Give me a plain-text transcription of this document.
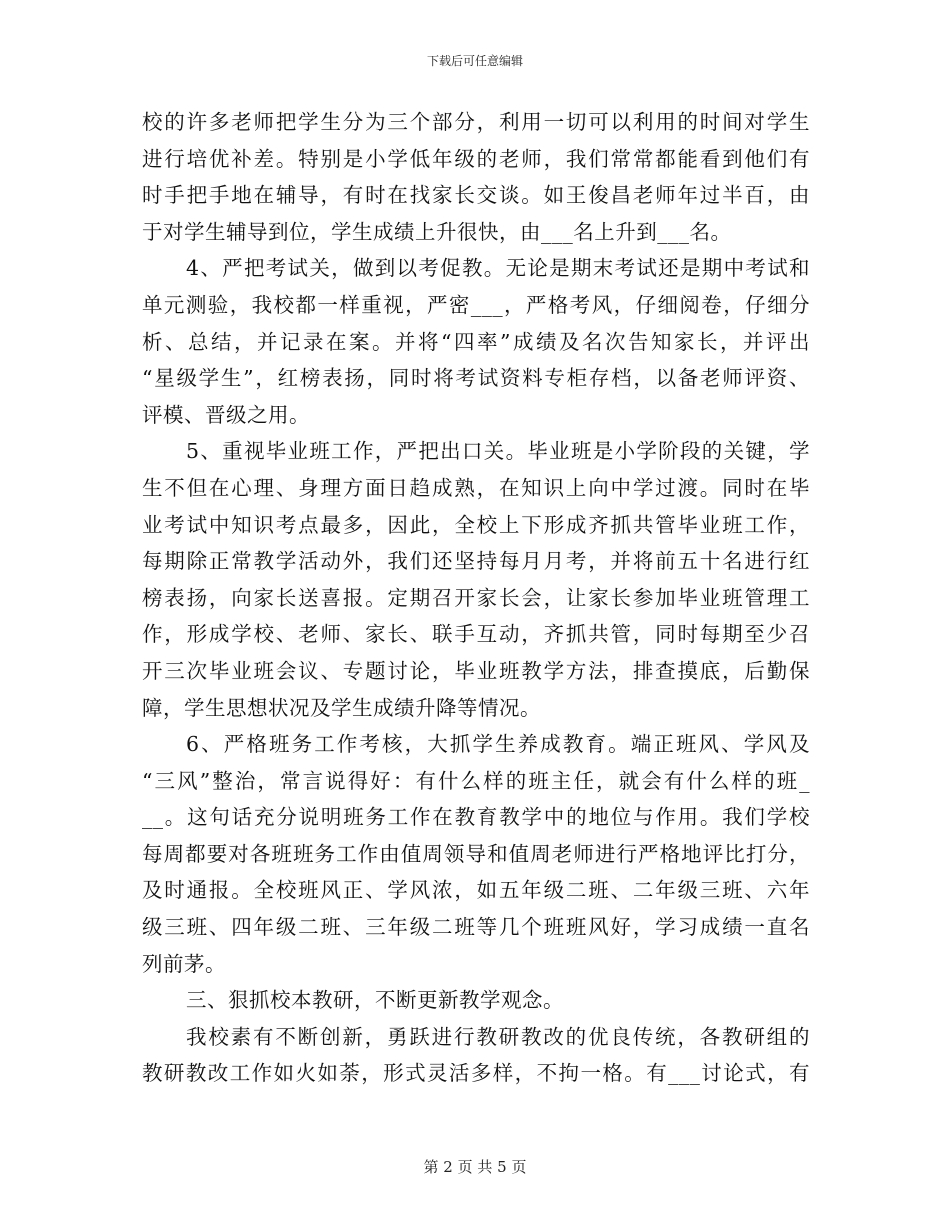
下载后可任意编辑
校的许多老师把学生分为三个部分，利用一切可以利用的时间对学生
进行培优补差。特别是小学低年级的老师，我们常常都能看到他们有
时手把手地在辅导，有时在找家长交谈。如王俊昌老师年过半百，由
于对学生辅导到位，学生成绩上升很快，由___名上升到___名。
4、严把考试关，做到以考促教。无论是期末考试还是期中考试和
单元测验，我校都一样重视，严密___，严格考风，仔细阅卷，仔细分
析、总结，并记录在案。并将“四率”成绩及名次告知家长，并评出
“星级学生”，红榜表扬，同时将考试资料专柜存档，以备老师评资、
评模、晋级之用。
5、重视毕业班工作，严把出口关。毕业班是小学阶段的关键，学
生不但在心理、身理方面日趋成熟，在知识上向中学过渡。同时在毕
业考试中知识考点最多，因此，全校上下形成齐抓共管毕业班工作，
每期除正常教学活动外，我们还坚持每月月考，并将前五十名进行红
榜表扬，向家长送喜报。定期召开家长会，让家长参加毕业班管理工
作，形成学校、老师、家长、联手互动，齐抓共管，同时每期至少召
开三次毕业班会议、专题讨论，毕业班教学方法，排查摸底，后勤保
障，学生思想状况及学生成绩升降等情况。
6、严格班务工作考核，大抓学生养成教育。端正班风、学风及
“三风”整治，常言说得好：有什么样的班主任，就会有什么样的班_
__。这句话充分说明班务工作在教育教学中的地位与作用。我们学校
每周都要对各班班务工作由值周领导和值周老师进行严格地评比打分，
及时通报。全校班风正、学风浓，如五年级二班、二年级三班、六年
级三班、四年级二班、三年级二班等几个班班风好，学习成绩一直名
列前茅。
三、狠抓校本教研，不断更新教学观念。
我校素有不断创新，勇跃进行教研教改的优良传统，各教研组的
教研教改工作如火如荼，形式灵活多样，不拘一格。有___讨论式，有
第 2 页 共 5 页
